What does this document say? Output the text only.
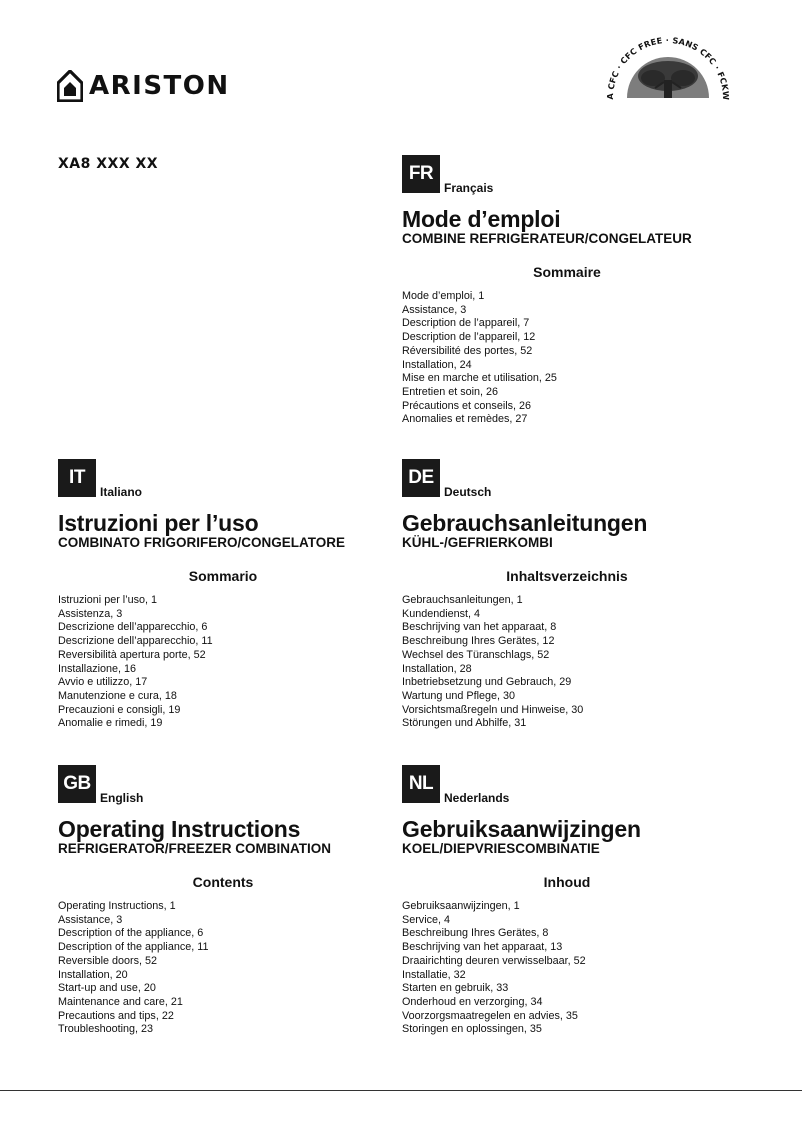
ARISTON	A CFC · CFC FREE · SANS CFC · FCKW
XA8 XXX XX	FR
Français
Mode d’emploi
COMBINE REFRIGERATEUR/CONGELATEUR
Sommaire
Mode d’emploi, 1
Assistance, 3
Description de l’appareil, 7
Description de l’appareil, 12
Réversibilité des portes, 52
Installation, 24
Mise en marche et utilisation, 25
Entretien et soin, 26
Précautions et conseils, 26
Anomalies et remèdes, 27
IT
Italiano
Istruzioni per l’uso
COMBINATO FRIGORIFERO/CONGELATORE
Sommario
Istruzioni per l’uso, 1
Assistenza, 3
Descrizione dell’apparecchio, 6
Descrizione dell’apparecchio, 11
Reversibilità apertura porte, 52
Installazione, 16
Avvio e utilizzo, 17
Manutenzione e cura, 18
Precauzioni e consigli, 19
Anomalie e rimedi, 19
DE
Deutsch
Gebrauchsanleitungen
KÜHL-/GEFRIERKOMBI
Inhaltsverzeichnis
Gebrauchsanleitungen, 1
Kundendienst, 4
Beschrijving van het apparaat, 8
Beschreibung Ihres Gerätes, 12
Wechsel des Türanschlags, 52
Installation, 28
Inbetriebsetzung und Gebrauch, 29
Wartung und Pflege, 30
Vorsichtsmaßregeln und Hinweise, 30
Störungen und Abhilfe, 31
GB
English
Operating Instructions
REFRIGERATOR/FREEZER COMBINATION
Contents
Operating Instructions, 1
Assistance, 3
Description of the appliance, 6
Description of the appliance, 11
Reversible doors, 52
Installation, 20
Start-up and use, 20
Maintenance and care, 21
Precautions and tips, 22
Troubleshooting, 23
NL
Nederlands
Gebruiksaanwijzingen
KOEL/DIEPVRIESCOMBINATIE
Inhoud
Gebruiksaanwijzingen, 1
Service, 4
Beschreibung Ihres Gerätes, 8
Beschrijving van het apparaat, 13
Draairichting deuren verwisselbaar, 52
Installatie, 32
Starten en gebruik, 33
Onderhoud en verzorging, 34
Voorzorgsmaatregelen en advies, 35
Storingen en oplossingen, 35
